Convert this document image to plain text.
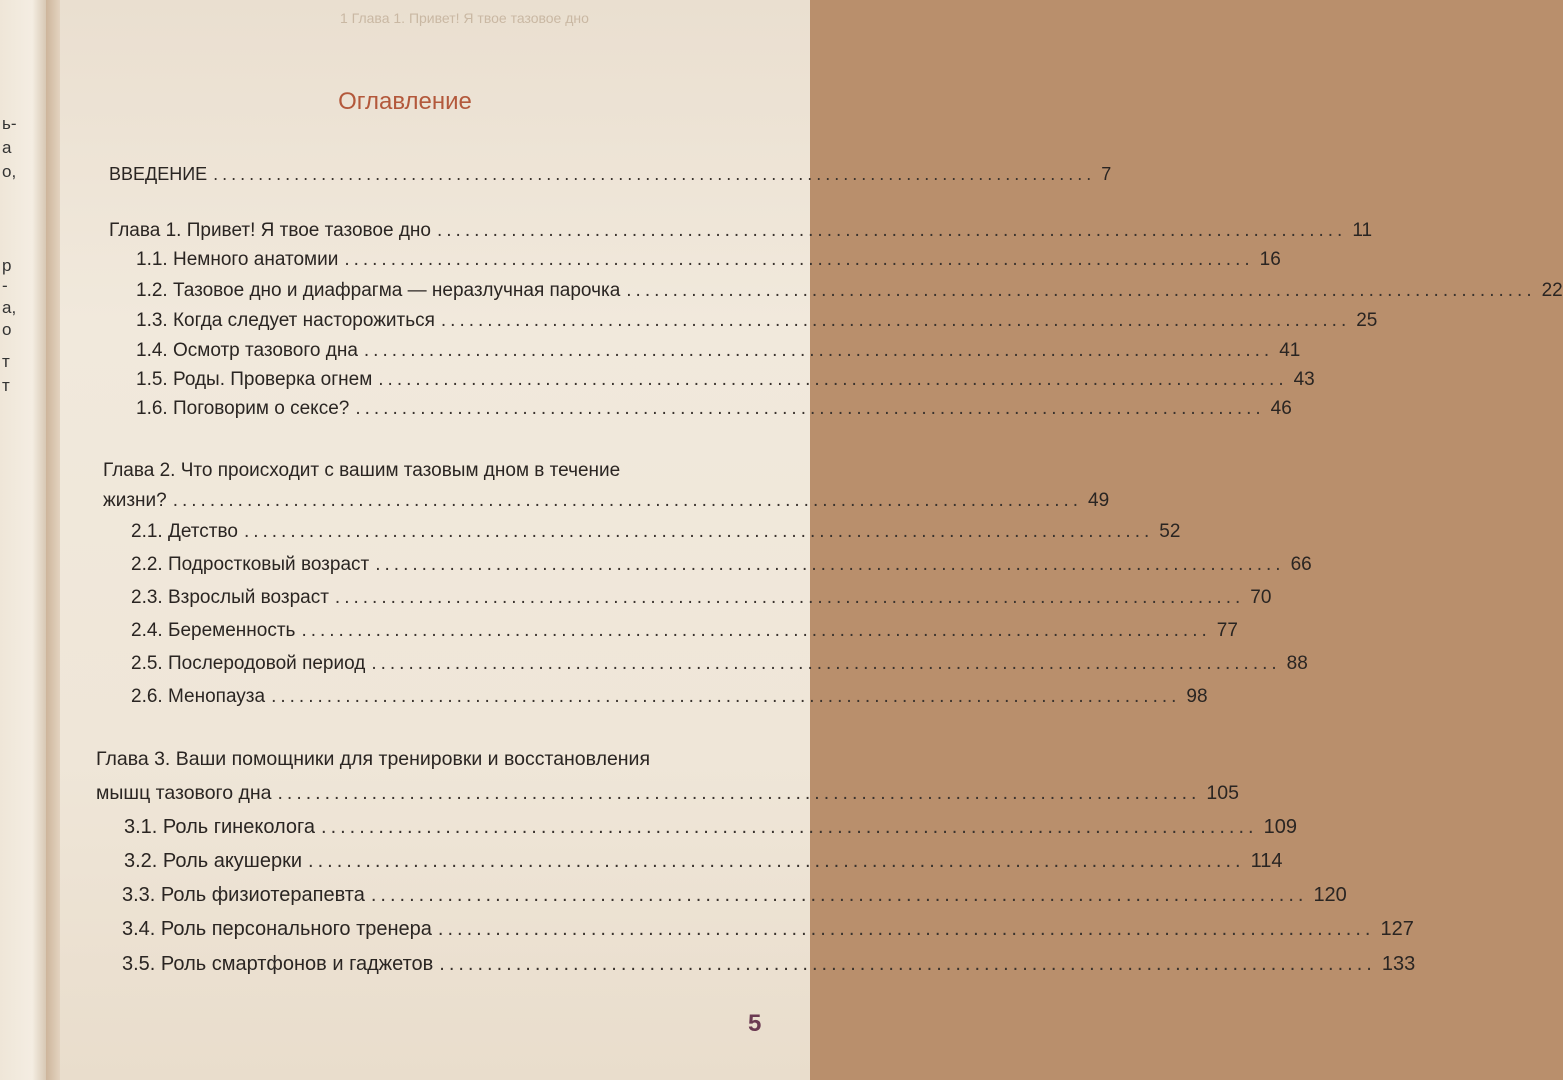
ь-
а
о,
р
-
а,
о
т
т
1 Глава 1. Привет! Я твое тазовое дно
Оглавление
ВВЕДЕНИЕ .................................................................................................. 7
Глава 1. Привет! Я твое тазовое дно .................................................................................................. 11
1.1. Немного анатомии .................................................................................................. 16
1.2. Тазовое дно и диафрагма — неразлучная парочка .................................................................................................. 22
1.3. Когда следует насторожиться .................................................................................................. 25
1.4. Осмотр тазового дна .................................................................................................. 41
1.5. Роды. Проверка огнем .................................................................................................. 43
1.6. Поговорим о сексе? .................................................................................................. 46
Глава 2. Что происходит с вашим тазовым дном в течение
жизни? .................................................................................................. 49
2.1. Детство .................................................................................................. 52
2.2. Подростковый возраст .................................................................................................. 66
2.3. Взрослый возраст .................................................................................................. 70
2.4. Беременность .................................................................................................. 77
2.5. Послеродовой период .................................................................................................. 88
2.6. Менопауза .................................................................................................. 98
Глава 3. Ваши помощники для тренировки и восстановления
мышц тазового дна .................................................................................................. 105
3.1. Роль гинеколога .................................................................................................. 109
3.2. Роль акушерки .................................................................................................. 114
3.3. Роль физиотерапевта .................................................................................................. 120
3.4. Роль персонального тренера .................................................................................................. 127
3.5. Роль смартфонов и гаджетов .................................................................................................. 133
5
